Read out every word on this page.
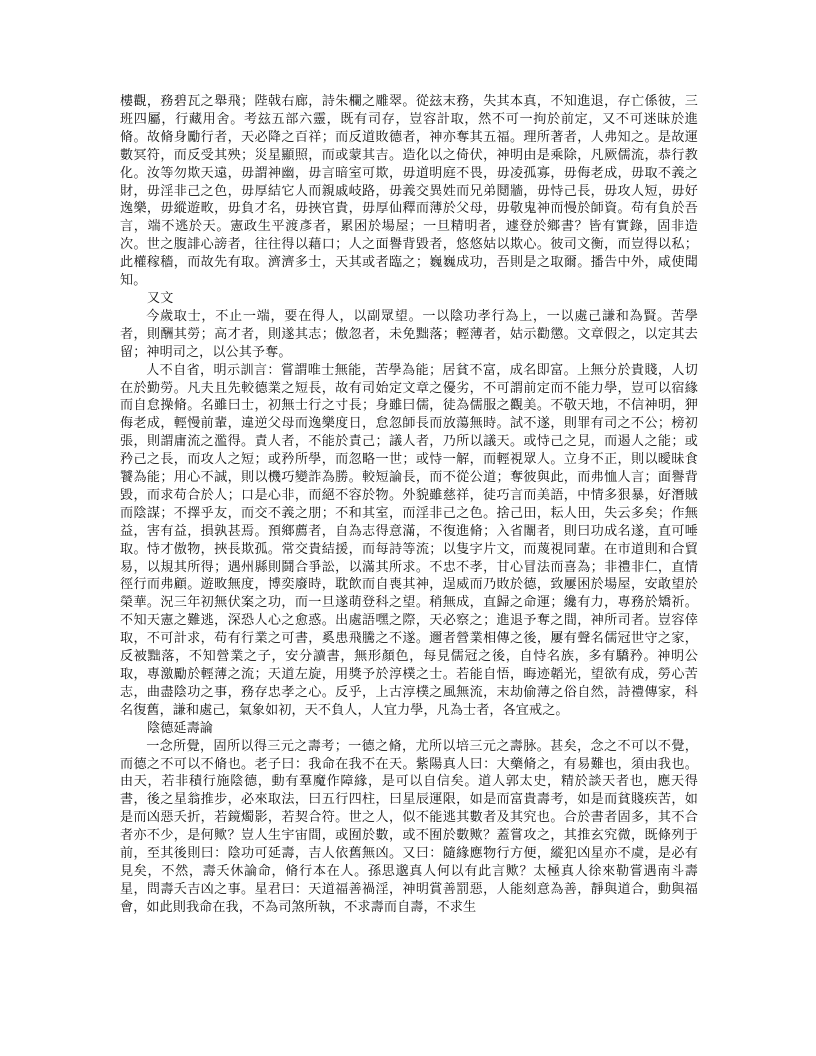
樓觀，務碧瓦之舉飛；陛戟右廊，詩朱欄之雕翠。從玆末務，失其本真，不知進退，存亡係彼，三班四屬，行藏用舍。考玆五部六靈，既有司存，豈容計取，然不可一拘於前定，又不可迷昧於進脩。故脩身勵行者，天必降之百祥；而反道敗德者，神亦奪其五福。理所著者，人弗知之。是故運數冥符，而反受其殃；災星顯照，而或蒙其吉。造化以之倚伏，神明由是乘除，凡厥儒流，恭行教化。汝等勿欺天遠，毋謂神幽，毋言暗室可欺，毋道明庭不畏，毋凌孤寡，毋侮老成，毋取不義之財，毋淫非己之色，毋厚結它人而親戚岐路，毋義交異姓而兄弟鬩牆，毋恃己長，毋攻人短，毋好逸樂，毋縱遊畋，毋負才名，毋挾官貴，毋厚仙釋而薄於父母，毋敬鬼神而慢於師資。苟有負於吾言，端不逃於天。憲政生平渡彥者，累困於場屋；一旦精明者，遽登於鄉書？皆有實錄，固非造次。世之腹誹心謗者，往往得以藉口；人之面譽背毀者，悠悠姑以欺心。彼司文衡，而豈得以私；此權稼穡，而故先有取。濟濟多士，天其或者臨之；巍巍成功，吾則是之取爾。播告中外，咸使聞知。

又文

今歲取士，不止一端，要在得人，以副眾望。一以陰功孝行為上，一以處己謙和為賢。苦學者，則酬其勞；高才者，則遂其志；傲忽者，未免黜落；輕薄者，姑示勸懲。文章假之，以定其去留；神明司之，以公其予奪。

人不自省，明示訓言：嘗謂唯士無能，苦學為能；居貧不富，成名即富。上無分於貴賤，人切在於勤勞。凡夫且先較德業之短長，故有司始定文章之優劣，不可謂前定而不能力學，豈可以宿緣而自怠操脩。名雖曰士，初無士行之寸長；身雖曰儒，徒為儒服之觀美。不敬天地，不信神明，狎侮老成，輕慢前輩，違逆父母而逸樂度日，怠忽師長而放蕩無時。試不遂，則罪有司之不公；榜初張，則謂庸流之濫得。責人者，不能於責己；議人者，乃所以議天。或恃己之見，而遏人之能；或矜己之長，而攻人之短；或矜所學，而忽略一世；或恃一解，而輕視眾人。立身不正，則以曖昧食饕為能；用心不誠，則以機巧變詐為勝。較短論長，而不從公道；奪彼與此，而弗恤人言；面譽背毀，而求苟合於人；口是心非，而絕不容於物。外貌雖慈祥，徒巧言而美語，中情多狠暴，好潛賊而陰謀；不擇乎友，而交不義之朋；不和其室，而淫非己之色。捨己田，耘人田，失云多矣；作無益，害有益，損孰甚焉。預鄉薦者，自為志得意滿，不復進脩；入省闈者，則曰功成名遂，直可唾取。恃才傲物，挾長欺孤。常交貴結援，而每詩等流；以隻字片文，而蔑視同輩。在市道則和合貿易，以規其所得；遇州縣則鬪合爭訟，以滿其所求。不忠不孝，甘心冒法而喜為；非禮非仁，直情徑行而弗顧。遊畋無度，博奕廢時，耽飲而自喪其神，逞威而乃敗於德，致屢困於場屋，安敢望於榮華。況三年初無伏案之功，而一旦遂萌登科之望。稍無成，直歸之命運；纔有力，專務於矯祈。不知天憲之難逃，深恐人心之愈惑。出處語嘿之際，天必察之；進退予奪之間，神所司者。豈容倖取，不可計求，苟有行業之可書，奚患飛騰之不遂。邇者營業相傳之後，屢有聲名儒冠世守之家，反被黜落，不知營業之子，安分讀書，無形顏色，每見儒冠之後，自恃名族，多有驕矜。神明公取，專激勵於輕薄之流；天道左旋，用獎予於淳樸之士。若能自悟，晦迹韜光，望欲有成，勞心苦志，曲盡陰功之事，務存忠孝之心。反乎，上古淳樸之風無流，末劫偷薄之俗自然，詩禮傳家，科名復舊，謙和處己，氣象如初，天不負人，人宜力學，凡為士者，各宜戒之。

陰德延壽論

一念所覺，固所以得三元之壽考；一德之脩，尤所以培三元之壽脉。甚矣，念之不可以不覺，而德之不可以不脩也。老子曰：我命在我不在天。紫陽真人曰：大藥脩之，有易難也，須由我也。由天，若非積行施陰德，動有羣魔作障緣，是可以自信矣。道人郭太史，精於談天者也，應天得書，後之星翁推步，必來取法，曰五行四柱，曰星辰運限，如是而富貴壽考，如是而貧賤疾苦，如是而凶惡夭折，若鏡燭影，若契合符。世之人，似不能逃其數者及其究也。合於書者固多，其不合者亦不少，是何歟？豈人生宇宙間，或囿於數，或不囿於數歟？蓋嘗攻之，其推玄究微，既條列于前，至其後則曰：陰功可延壽，吉人依舊無凶。又曰：隨緣應物行方便，縱犯凶星亦不虞，是必有見矣，不然，壽夭休論命，脩行本在人。孫思邈真人何以有此言歟？太極真人徐來勒嘗遇南斗壽星，問壽夭吉凶之事。星君曰：天道福善禍淫，神明賞善罰惡，人能刻意為善，靜與道合，動與福會，如此則我命在我，不為司煞所執，不求壽而自壽，不求生
